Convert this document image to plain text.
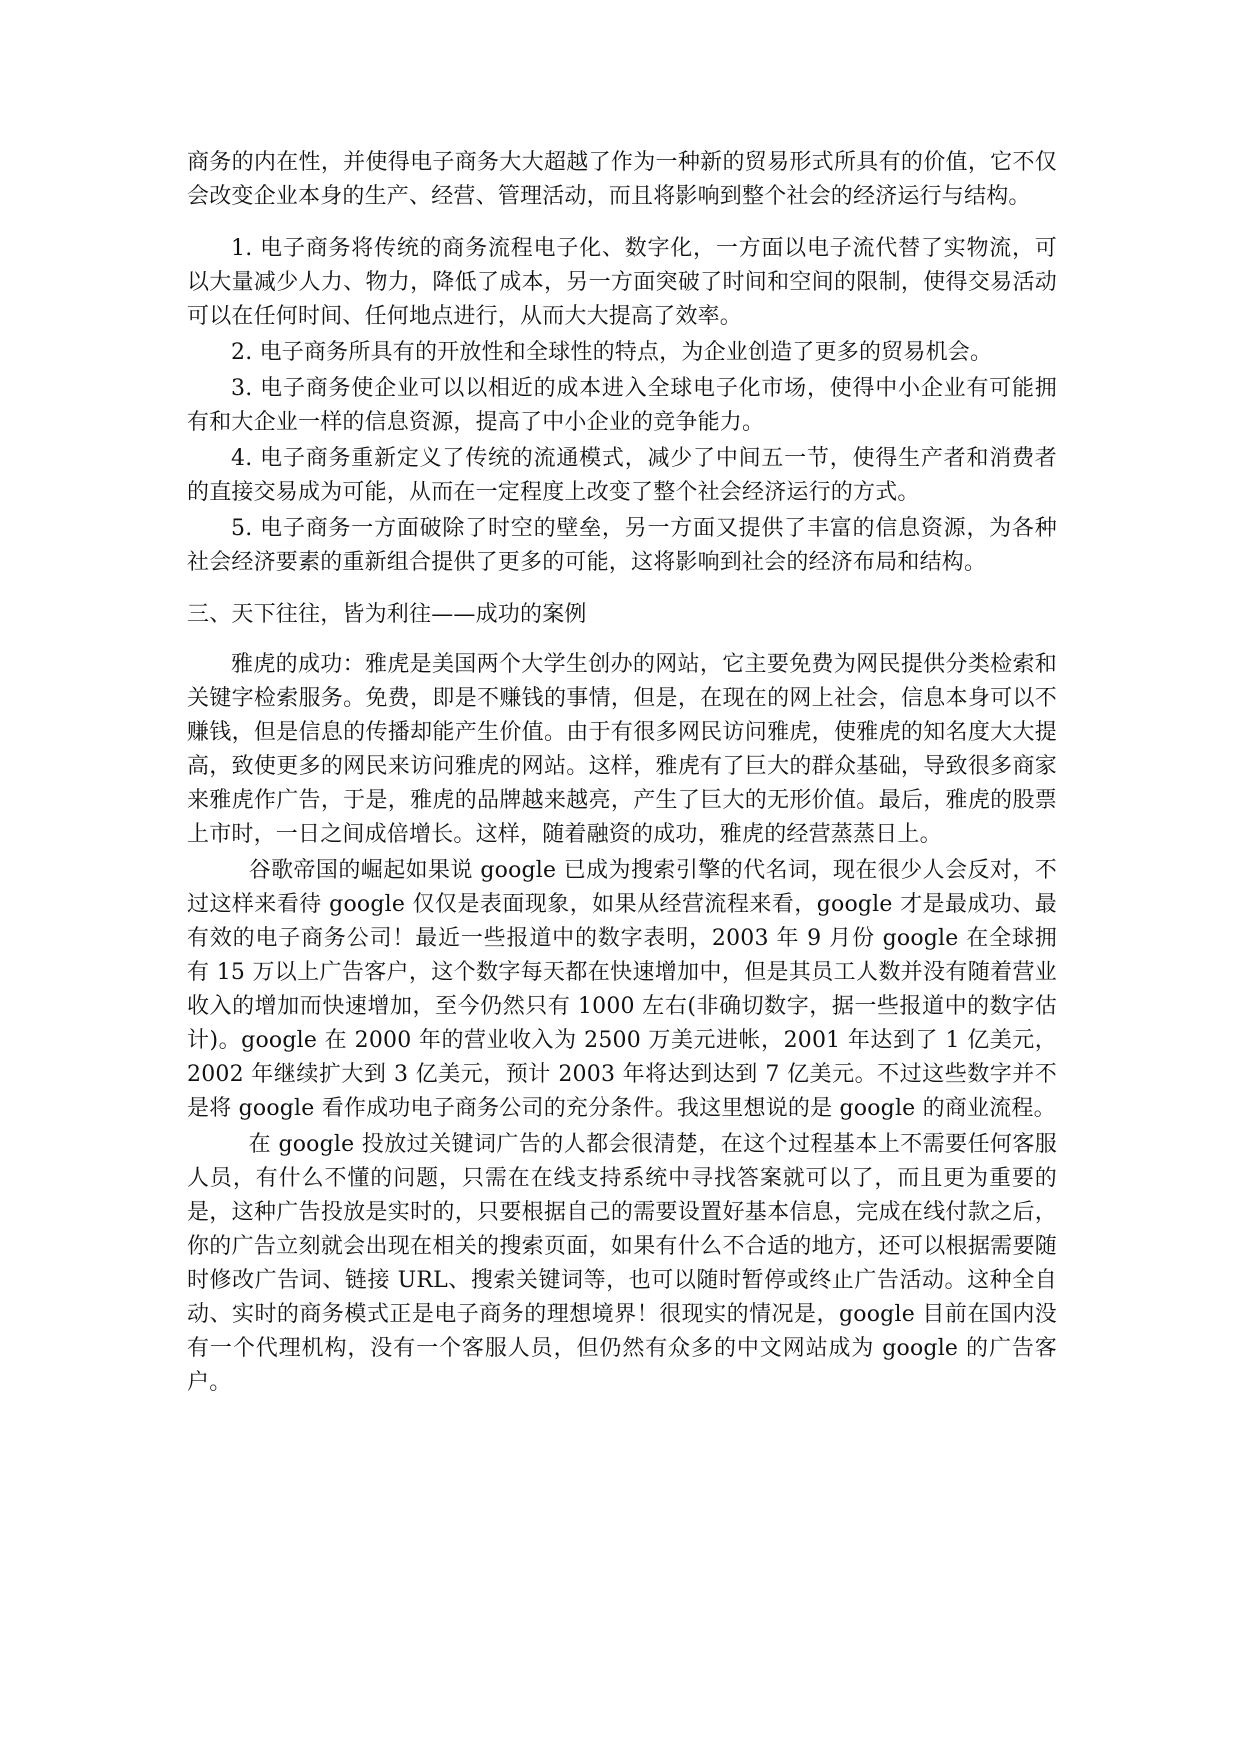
商务的内在性，并使得电子商务大大超越了作为一种新的贸易形式所具有的价值，它不仅会改变企业本身的生产、经营、管理活动，而且将影响到整个社会的经济运行与结构。

1. 电子商务将传统的商务流程电子化、数字化，一方面以电子流代替了实物流，可以大量减少人力、物力，降低了成本，另一方面突破了时间和空间的限制，使得交易活动可以在任何时间、任何地点进行，从而大大提高了效率。

2. 电子商务所具有的开放性和全球性的特点，为企业创造了更多的贸易机会。

3. 电子商务使企业可以以相近的成本进入全球电子化市场，使得中小企业有可能拥有和大企业一样的信息资源，提高了中小企业的竞争能力。

4. 电子商务重新定义了传统的流通模式，减少了中间五一节，使得生产者和消费者的直接交易成为可能，从而在一定程度上改变了整个社会经济运行的方式。

5. 电子商务一方面破除了时空的壁垒，另一方面又提供了丰富的信息资源，为各种社会经济要素的重新组合提供了更多的可能，这将影响到社会的经济布局和结构。

三、天下往往，皆为利往——成功的案例

雅虎的成功：雅虎是美国两个大学生创办的网站，它主要免费为网民提供分类检索和关键字检索服务。免费，即是不赚钱的事情，但是，在现在的网上社会，信息本身可以不赚钱，但是信息的传播却能产生价值。由于有很多网民访问雅虎，使雅虎的知名度大大提高，致使更多的网民来访问雅虎的网站。这样，雅虎有了巨大的群众基础，导致很多商家来雅虎作广告，于是，雅虎的品牌越来越亮，产生了巨大的无形价值。最后，雅虎的股票上市时，一日之间成倍增长。这样，随着融资的成功，雅虎的经营蒸蒸日上。

谷歌帝国的崛起如果说 google 已成为搜索引擎的代名词，现在很少人会反对，不过这样来看待 google 仅仅是表面现象，如果从经营流程来看，google 才是最成功、最有效的电子商务公司！最近一些报道中的数字表明，2003 年 9 月份 google 在全球拥有 15 万以上广告客户，这个数字每天都在快速增加中，但是其员工人数并没有随着营业收入的增加而快速增加，至今仍然只有 1000 左右(非确切数字，据一些报道中的数字估计)。google 在 2000 年的营业收入为 2500 万美元进帐，2001 年达到了 1 亿美元，2002 年继续扩大到 3 亿美元，预计 2003 年将达到达到 7 亿美元。不过这些数字并不是将 google 看作成功电子商务公司的充分条件。我这里想说的是 google 的商业流程。

在 google 投放过关键词广告的人都会很清楚，在这个过程基本上不需要任何客服人员，有什么不懂的问题，只需在在线支持系统中寻找答案就可以了，而且更为重要的是，这种广告投放是实时的，只要根据自己的需要设置好基本信息，完成在线付款之后，你的广告立刻就会出现在相关的搜索页面，如果有什么不合适的地方，还可以根据需要随时修改广告词、链接 URL、搜索关键词等，也可以随时暂停或终止广告活动。这种全自动、实时的商务模式正是电子商务的理想境界！很现实的情况是，google 目前在国内没有一个代理机构，没有一个客服人员，但仍然有众多的中文网站成为 google 的广告客户。
